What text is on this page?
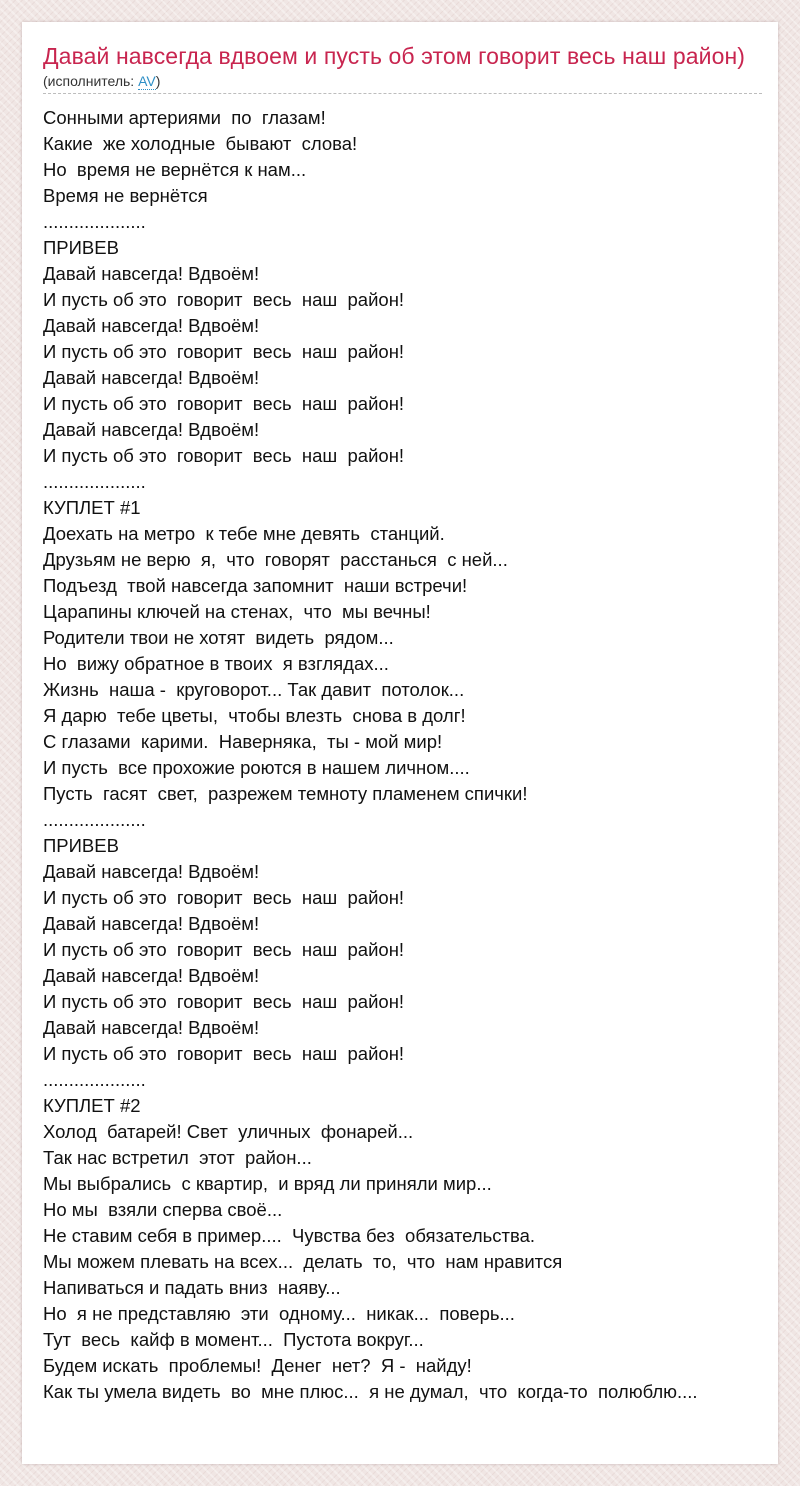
Давай навсегда вдвоем и пусть об этом говорит весь наш район)
(исполнитель: AV)
Сонными артериями  по  глазам!
Какие  же холодные  бывают  слова!
Но  время не вернётся к нам...
Время не вернётся
....................
ПРИВЕВ
Давай навсегда! Вдвоём!
И пусть об это  говорит  весь  наш  район!
Давай навсегда! Вдвоём!
И пусть об это  говорит  весь  наш  район!
Давай навсегда! Вдвоём!
И пусть об это  говорит  весь  наш  район!
Давай навсегда! Вдвоём!
И пусть об это  говорит  весь  наш  район!
....................
КУПЛЕТ #1
Доехать на метро  к тебе мне девять  станций.
Друзьям не верю  я,  что  говорят  расстанься  с ней...
Подъезд  твой навсегда запомнит  наши встречи!
Царапины ключей на стенах,  что  мы вечны!
Родители твои не хотят  видеть  рядом...
Но  вижу обратное в твоих  я взглядах...
Жизнь  наша -  круговорот... Так давит  потолок...
Я дарю  тебе цветы,  чтобы влезть  снова в долг!
С глазами  карими.  Наверняка,  ты - мой мир!
И пусть  все прохожие роются в нашем личном....
Пусть  гасят  свет,  разрежем темноту пламенем спички!
....................
ПРИВЕВ
Давай навсегда! Вдвоём!
И пусть об это  говорит  весь  наш  район!
Давай навсегда! Вдвоём!
И пусть об это  говорит  весь  наш  район!
Давай навсегда! Вдвоём!
И пусть об это  говорит  весь  наш  район!
Давай навсегда! Вдвоём!
И пусть об это  говорит  весь  наш  район!
....................
КУПЛЕТ #2
Холод  батарей! Свет  уличных  фонарей...
Так нас встретил  этот  район...
Мы выбрались  с квартир,  и вряд ли приняли мир...
Но мы  взяли сперва своё...
Не ставим себя в пример....  Чувства без  обязательства.
Мы можем плевать на всех...  делать  то,  что  нам нравится
Напиваться и падать вниз  наяву...
Но  я не представляю  эти  одному...  никак...  поверь...
Тут  весь  кайф в момент...  Пустота вокруг...
Будем искать  проблемы!  Денег  нет?  Я -  найду!
Как ты умела видеть  во  мне плюс...  я не думал,  что  когда-то  полюблю....
